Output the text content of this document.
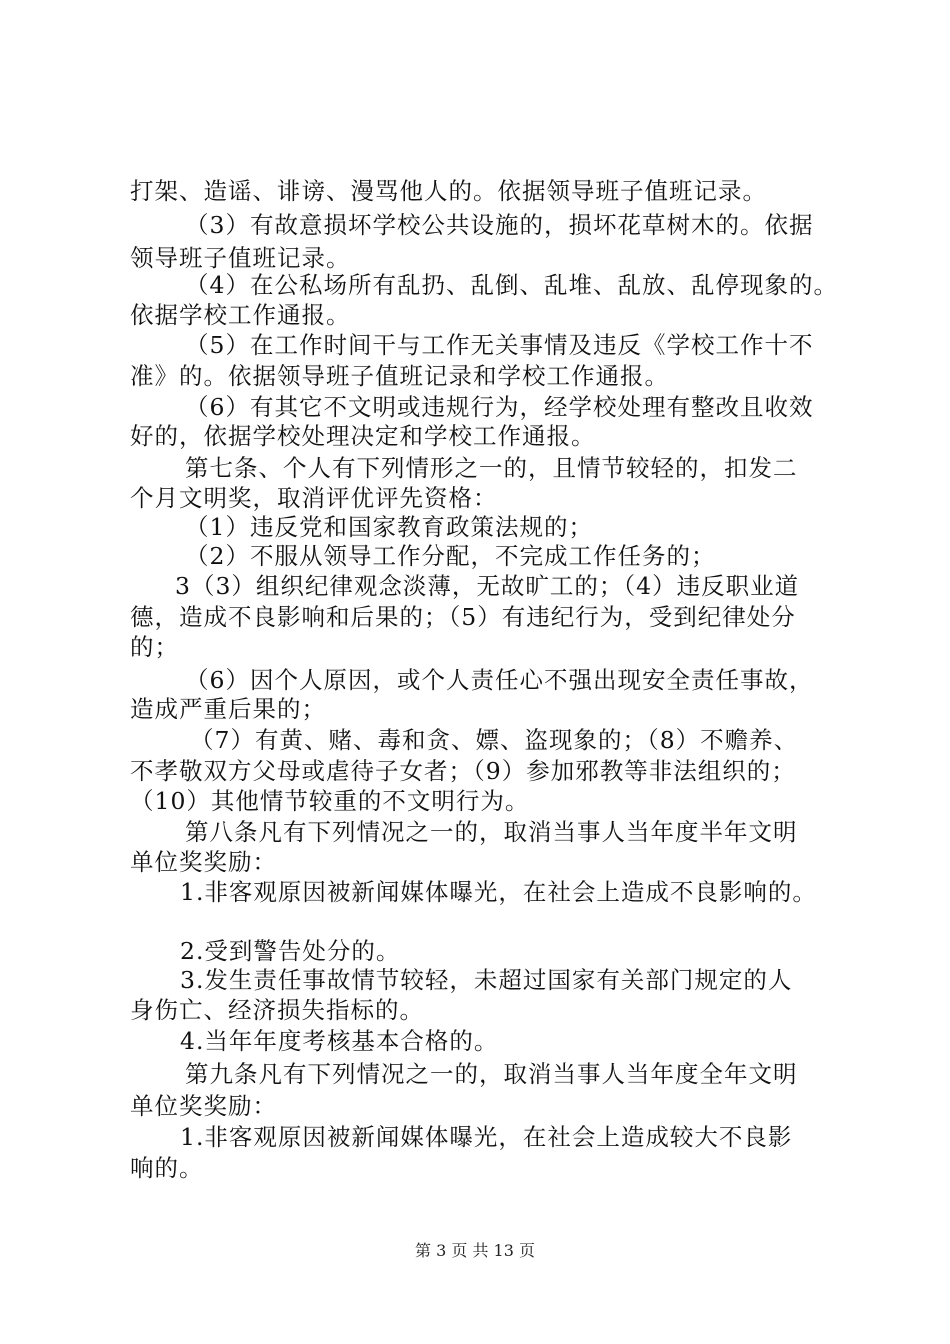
打架、造谣、诽谤、漫骂他人的。依据领导班子值班记录。
（3）有故意损坏学校公共设施的，损坏花草树木的。依据
领导班子值班记录。
（4）在公私场所有乱扔、乱倒、乱堆、乱放、乱停现象的。
依据学校工作通报。
（5）在工作时间干与工作无关事情及违反《学校工作十不
准》的。依据领导班子值班记录和学校工作通报。
（6）有其它不文明或违规行为，经学校处理有整改且收效
好的，依据学校处理决定和学校工作通报。
第七条、个人有下列情形之一的，且情节较轻的，扣发二
个月文明奖，取消评优评先资格：
（1）违反党和国家教育政策法规的；
（2）不服从领导工作分配，不完成工作任务的；
3（3）组织纪律观念淡薄，无故旷工的；（4）违反职业道
德，造成不良影响和后果的；（5）有违纪行为，受到纪律处分
的；
（6）因个人原因，或个人责任心不强出现安全责任事故，
造成严重后果的；
（7）有黄、赌、毒和贪、嫖、盗现象的；（8）不赡养、
不孝敬双方父母或虐待子女者；（9）参加邪教等非法组织的；
（10）其他情节较重的不文明行为。
第八条凡有下列情况之一的，取消当事人当年度半年文明
单位奖奖励：
1.非客观原因被新闻媒体曝光，在社会上造成不良影响的。
2.受到警告处分的。
3.发生责任事故情节较轻，未超过国家有关部门规定的人
身伤亡、经济损失指标的。
4.当年年度考核基本合格的。
第九条凡有下列情况之一的，取消当事人当年度全年文明
单位奖奖励：
1.非客观原因被新闻媒体曝光，在社会上造成较大不良影
响的。
第 3 页 共 13 页
